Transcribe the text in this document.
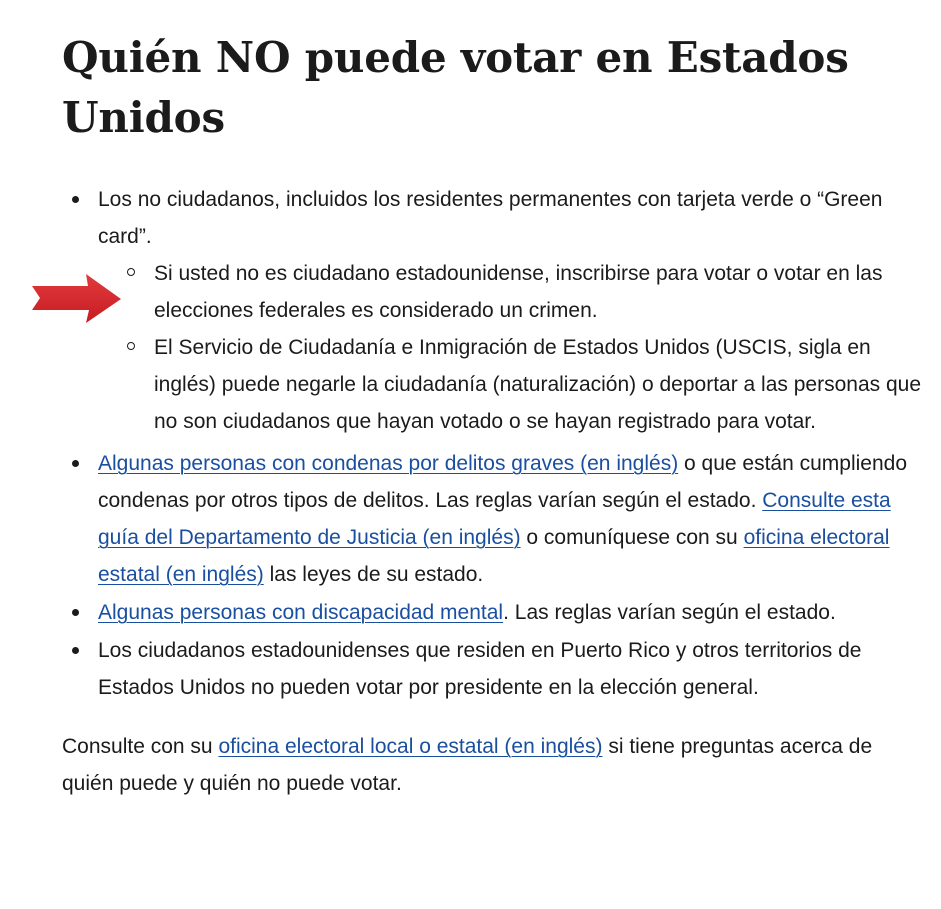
Quién NO puede votar en Estados Unidos
Los no ciudadanos, incluidos los residentes permanentes con tarjeta verde o “Green card”.
Si usted no es ciudadano estadounidense, inscribirse para votar o votar en las elecciones federales es considerado un crimen.
El Servicio de Ciudadanía e Inmigración de Estados Unidos (USCIS, sigla en inglés) puede negarle la ciudadanía (naturalización) o deportar a las personas que no son ciudadanos que hayan votado o se hayan registrado para votar.
Algunas personas con condenas por delitos graves (en inglés) o que están cumpliendo condenas por otros tipos de delitos. Las reglas varían según el estado. Consulte esta guía del Departamento de Justicia (en inglés) o comuníquese con su oficina electoral estatal (en inglés) las leyes de su estado.
Algunas personas con discapacidad mental. Las reglas varían según el estado.
Los ciudadanos estadounidenses que residen en Puerto Rico y otros territorios de Estados Unidos no pueden votar por presidente en la elección general.

Consulte con su oficina electoral local o estatal (en inglés) si tiene preguntas acerca de quién puede y quién no puede votar.
